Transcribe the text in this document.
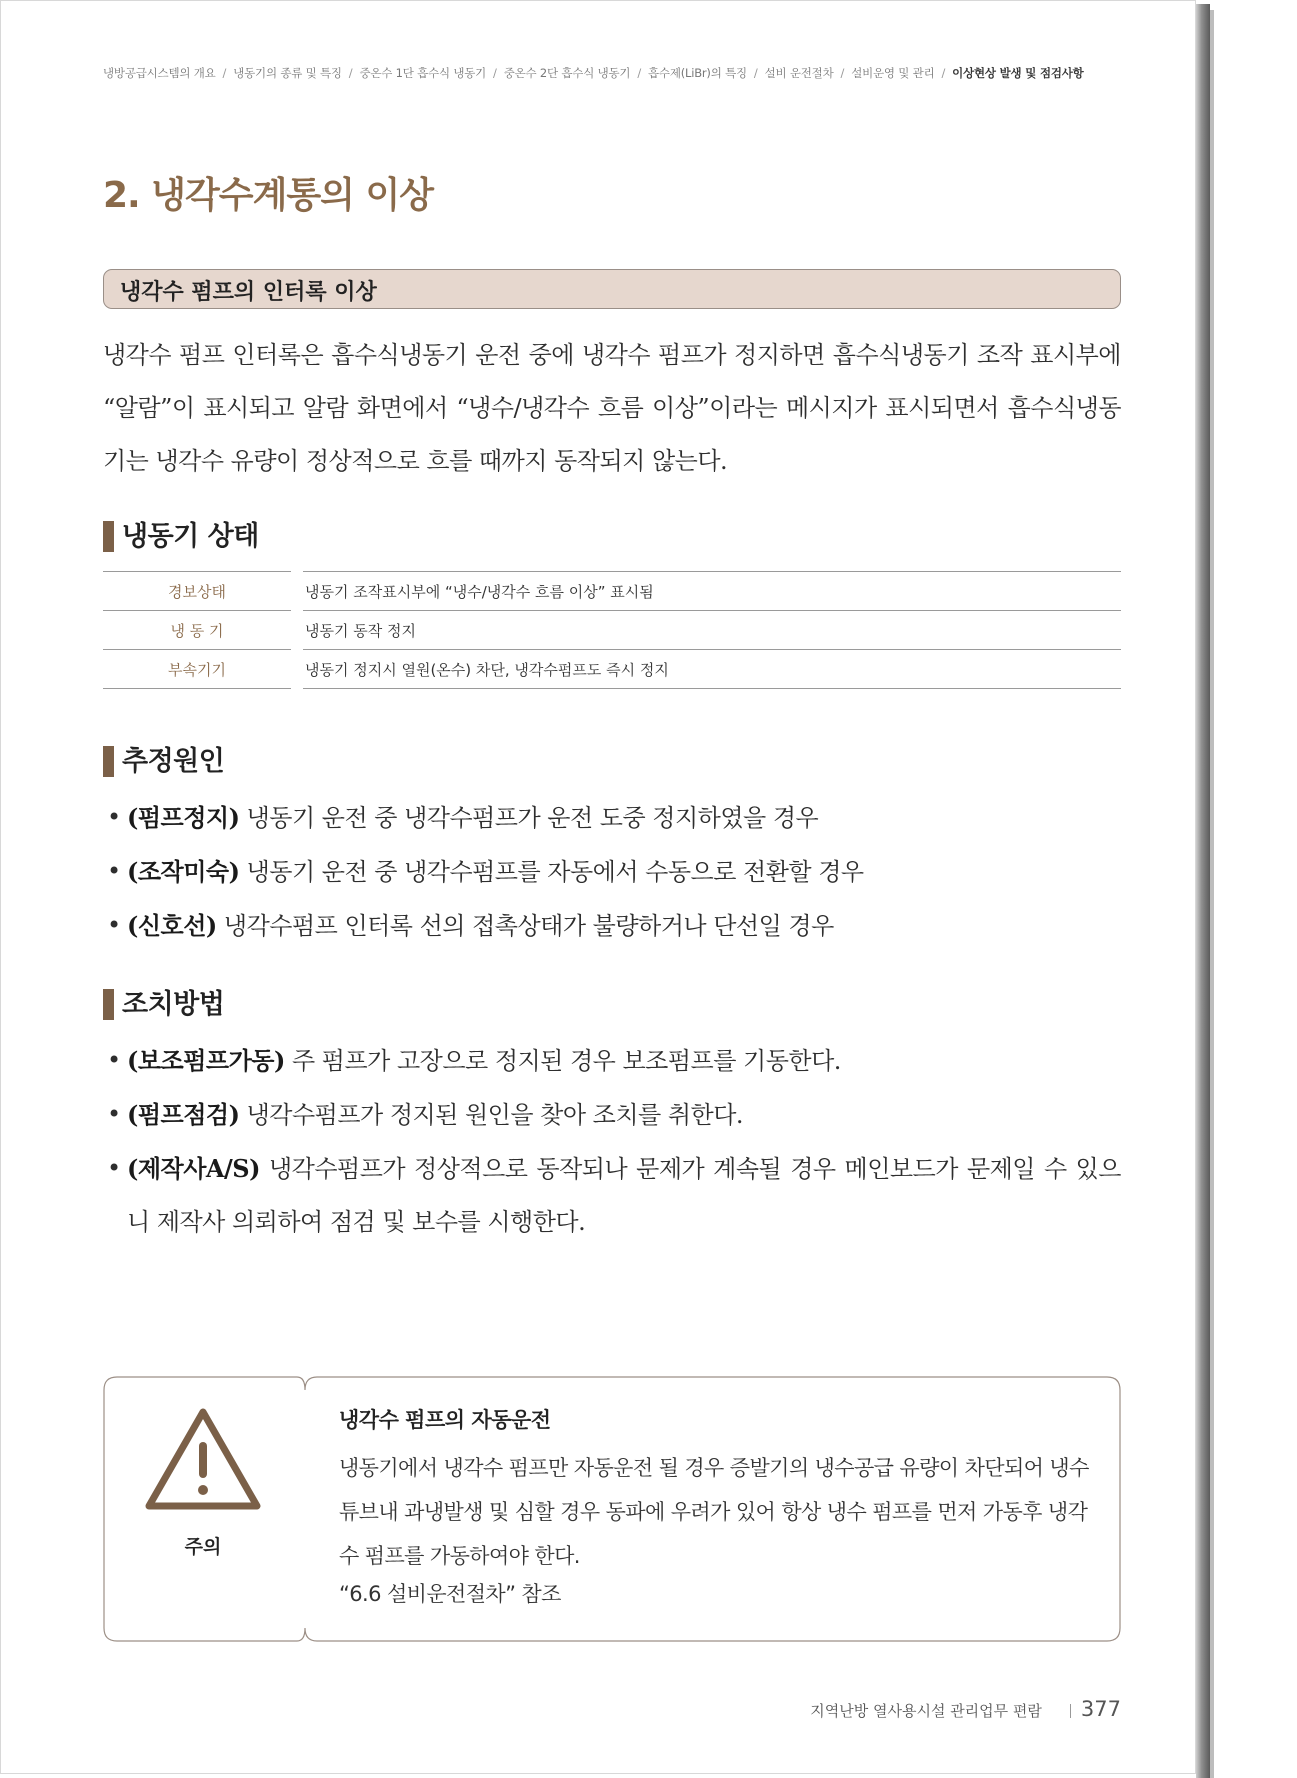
냉방공급시스템의 개요 / 냉동기의 종류 및 특징 / 중온수 1단 흡수식 냉동기 / 중온수 2단 흡수식 냉동기 / 흡수제(LiBr)의 특징 / 설비 운전절차 / 설비운영 및 관리 / 이상현상 발생 및 점검사항
2. 냉각수계통의 이상
냉각수 펌프의 인터록 이상

냉각수 펌프 인터록은 흡수식냉동기 운전 중에 냉각수 펌프가 정지하면 흡수식냉동기 조작 표시부에 “알람”이 표시되고 알람 화면에서 “냉수/냉각수 흐름 이상”이라는 메시지가 표시되면서 흡수식냉동기는 냉각수 유량이 정상적으로 흐를 때까지 동작되지 않는다.

냉동기 상태
경보상태		냉동기 조작표시부에 “냉수/냉각수 흐름 이상” 표시됨
냉 동 기		냉동기 동작 정지
부속기기		냉동기 정지시 열원(온수) 차단, 냉각수펌프도 즉시 정지
추정원인
• (펌프정지) 냉동기 운전 중 냉각수펌프가 운전 도중 정지하였을 경우
• (조작미숙) 냉동기 운전 중 냉각수펌프를 자동에서 수동으로 전환할 경우
• (신호선) 냉각수펌프 인터록 선의 접촉상태가 불량하거나 단선일 경우
조치방법
• (보조펌프가동) 주 펌프가 고장으로 정지된 경우 보조펌프를 기동한다.
• (펌프점검) 냉각수펌프가 정지된 원인을 찾아 조치를 취한다.
• (제작사A/S) 냉각수펌프가 정상적으로 동작되나 문제가 계속될 경우 메인보드가 문제일 수 있으니 제작사 의뢰하여 점검 및 보수를 시행한다.
주의
냉각수 펌프의 자동운전
냉동기에서 냉각수 펌프만 자동운전 될 경우 증발기의 냉수공급 유량이 차단되어 냉수 튜브내 과냉발생 및 심할 경우 동파에 우려가 있어 항상 냉수 펌프를 먼저 가동후 냉각수 펌프를 가동하여야 한다.
“6.6 설비운전절차” 참조
지역난방 열사용시설 관리업무 편람 377
